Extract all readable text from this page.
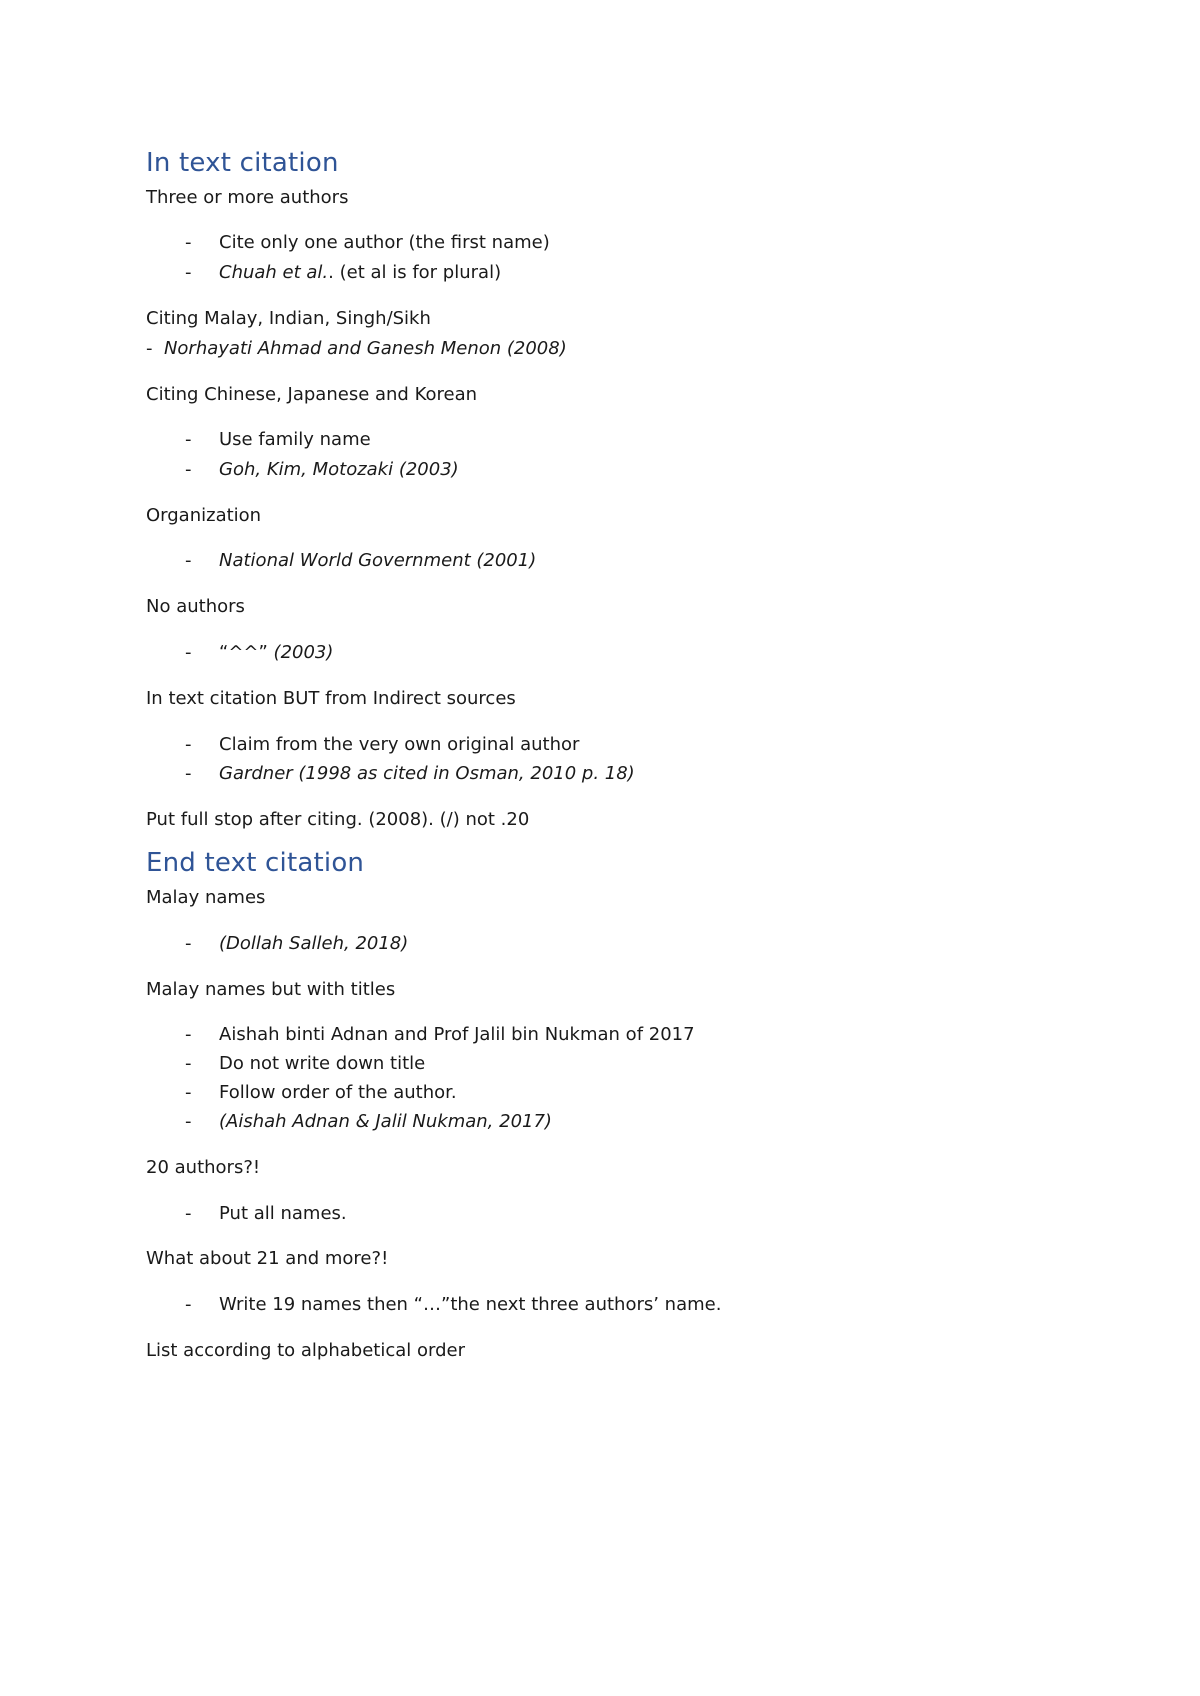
In text citation
Three or more authors
- Cite only one author (the first name)
- Chuah et al.. (et al is for plural)
Citing Malay, Indian, Singh/Sikh
- Norhayati Ahmad and Ganesh Menon (2008)
Citing Chinese, Japanese and Korean
- Use family name
- Goh, Kim, Motozaki (2003)
Organization
- National World Government (2001)
No authors
- “^^” (2003)
In text citation BUT from Indirect sources
- Claim from the very own original author
- Gardner (1998 as cited in Osman, 2010 p. 18)
Put full stop after citing. (2008). (/) not .20
End text citation
Malay names
- (Dollah Salleh, 2018)
Malay names but with titles
- Aishah binti Adnan and Prof Jalil bin Nukman of 2017
- Do not write down title
- Follow order of the author.
- (Aishah Adnan & Jalil Nukman, 2017)
20 authors?!
- Put all names.
What about 21 and more?!
- Write 19 names then “…”the next three authors’ name.
List according to alphabetical order
